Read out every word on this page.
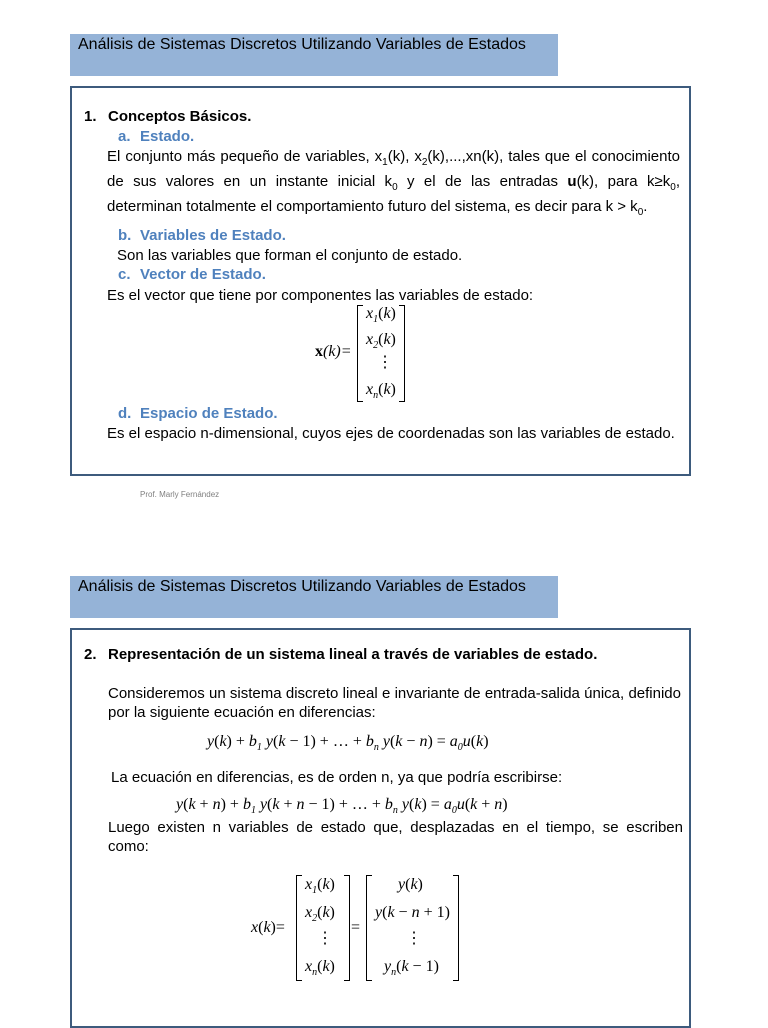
Análisis de Sistemas Discretos Utilizando Variables de Estados
1. Conceptos Básicos.
a. Estado.
El conjunto más pequeño de variables, $x_1(k)$, $x_2(k),...,xn(k)$, tales que el conocimiento de sus valores en un instante inicial $k_0$ y el de las entradas u(k), para $k\ge k_0$, determinan totalmente el comportamiento futuro del sistema, es decir para $k > k_0$.
b. Variables de Estado.
Son las variables que forman el conjunto de estado.
c. Vector de Estado.
Es el vector que tiene por componentes las variables de estado:
x(k)=
$x_1(k)$
$x_2(k)$
⋮
$x_n(k)$
d. Espacio de Estado.
Es el espacio n-dimensional, cuyos ejes de coordenadas son las variables de estado.
Prof. Marly Fernández
Análisis de Sistemas Discretos Utilizando Variables de Estados
2. Representación de un sistema lineal a través de variables de estado.
Consideremos un sistema discreto lineal e invariante de entrada-salida única, definido por la siguiente ecuación en diferencias:
$y(k) + b_1$ y(k − 1) + … + $b_n$ $y(k - n) = a_0u(k)$
La ecuación en diferencias, es de orden n, ya que podría escribirse:
$y(k + n) + b_1$ y(k + n − 1) + … + $b_n$ $y(k) = a_0u(k + n)$
Luego existen n variables de estado que, desplazadas en el tiempo, se escriben como:
x(k)=
$x_1(k)$
$x_2(k)$
⋮
$x_n(k)$
=
y(k)
y(k − n + 1)
⋮
$y_n(k - 1)$
